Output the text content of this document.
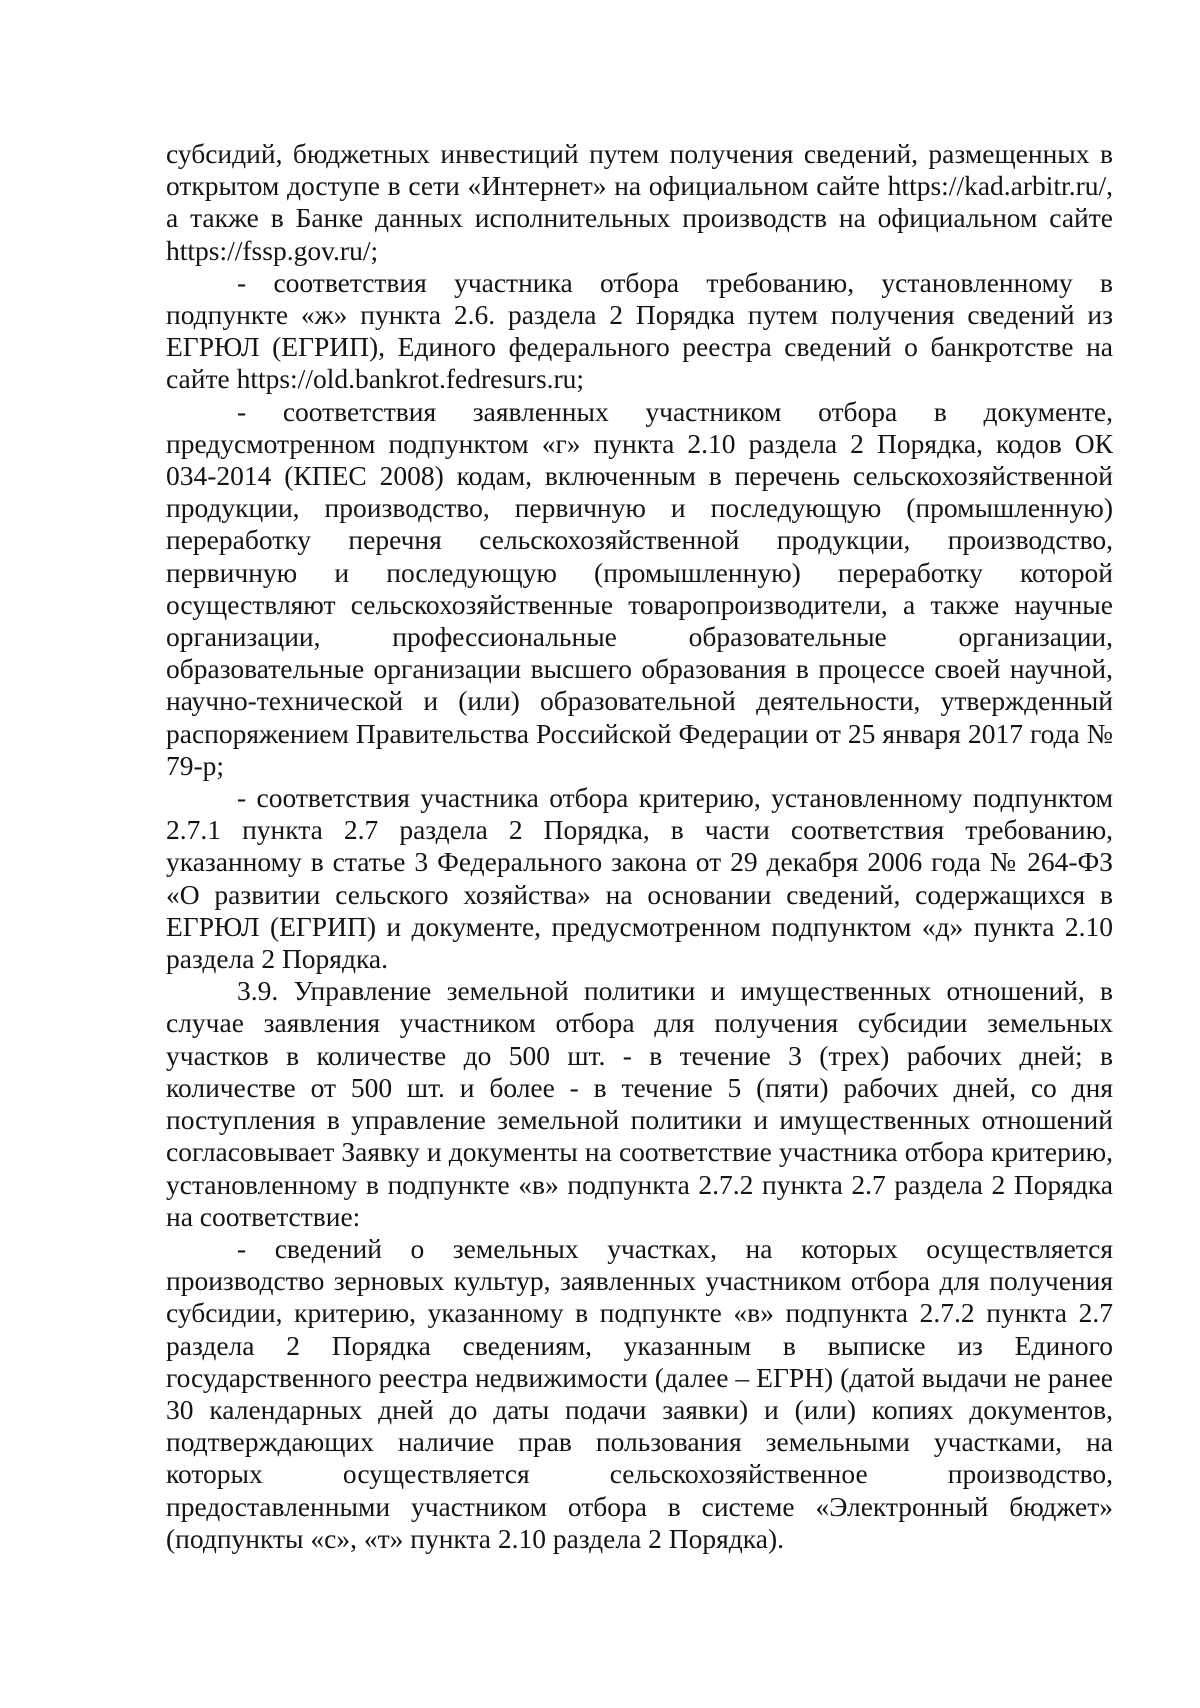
субсидий, бюджетных инвестиций путем получения сведений, размещенных в открытом доступе в сети «Интернет» на официальном сайте https://kad.arbitr.ru/, а также в Банке данных исполнительных производств на официальном сайте https://fssp.gov.ru/;

- соответствия участника отбора требованию, установленному в подпункте «ж» пункта 2.6. раздела 2 Порядка путем получения сведений из ЕГРЮЛ (ЕГРИП), Единого федерального реестра сведений о банкротстве на сайте https://old.bankrot.fedresurs.ru;

- соответствия заявленных участником отбора в документе, предусмотренном подпунктом «г» пункта 2.10 раздела 2 Порядка, кодов ОК 034-2014 (КПЕС 2008) кодам, включенным в перечень сельскохозяйственной продукции, производство, первичную и последующую (промышленную) переработку перечня сельскохозяйственной продукции, производство, первичную и последующую (промышленную) переработку которой осуществляют сельскохозяйственные товаропроизводители, а также научные организации, профессиональные образовательные организации, образовательные организации высшего образования в процессе своей научной, научно-технической и (или) образовательной деятельности, утвержденный распоряжением Правительства Российской Федерации от 25 января 2017 года № 79-р;

- соответствия участника отбора критерию, установленному подпунктом 2.7.1 пункта 2.7 раздела 2 Порядка, в части соответствия требованию, указанному в статье 3 Федерального закона от 29 декабря 2006 года № 264-ФЗ «О развитии сельского хозяйства» на основании сведений, содержащихся в ЕГРЮЛ (ЕГРИП) и документе, предусмотренном подпунктом «д» пункта 2.10 раздела 2 Порядка.

3.9. Управление земельной политики и имущественных отношений, в случае заявления участником отбора для получения субсидии земельных участков в количестве до 500 шт. - в течение 3 (трех) рабочих дней; в количестве от 500 шт. и более - в течение 5 (пяти) рабочих дней, со дня поступления в управление земельной политики и имущественных отношений согласовывает Заявку и документы на соответствие участника отбора критерию, установленному в подпункте «в» подпункта 2.7.2 пункта 2.7 раздела 2 Порядка на соответствие:

- сведений о земельных участках, на которых осуществляется производство зерновых культур, заявленных участником отбора для получения субсидии, критерию, указанному в подпункте «в» подпункта 2.7.2 пункта 2.7 раздела 2 Порядка сведениям, указанным в выписке из Единого государственного реестра недвижимости (далее – ЕГРН) (датой выдачи не ранее 30 календарных дней до даты подачи заявки) и (или) копиях документов, подтверждающих наличие прав пользования земельными участками, на которых осуществляется сельскохозяйственное производство, предоставленными участником отбора в системе «Электронный бюджет» (подпункты «с», «т» пункта 2.10 раздела 2 Порядка).
